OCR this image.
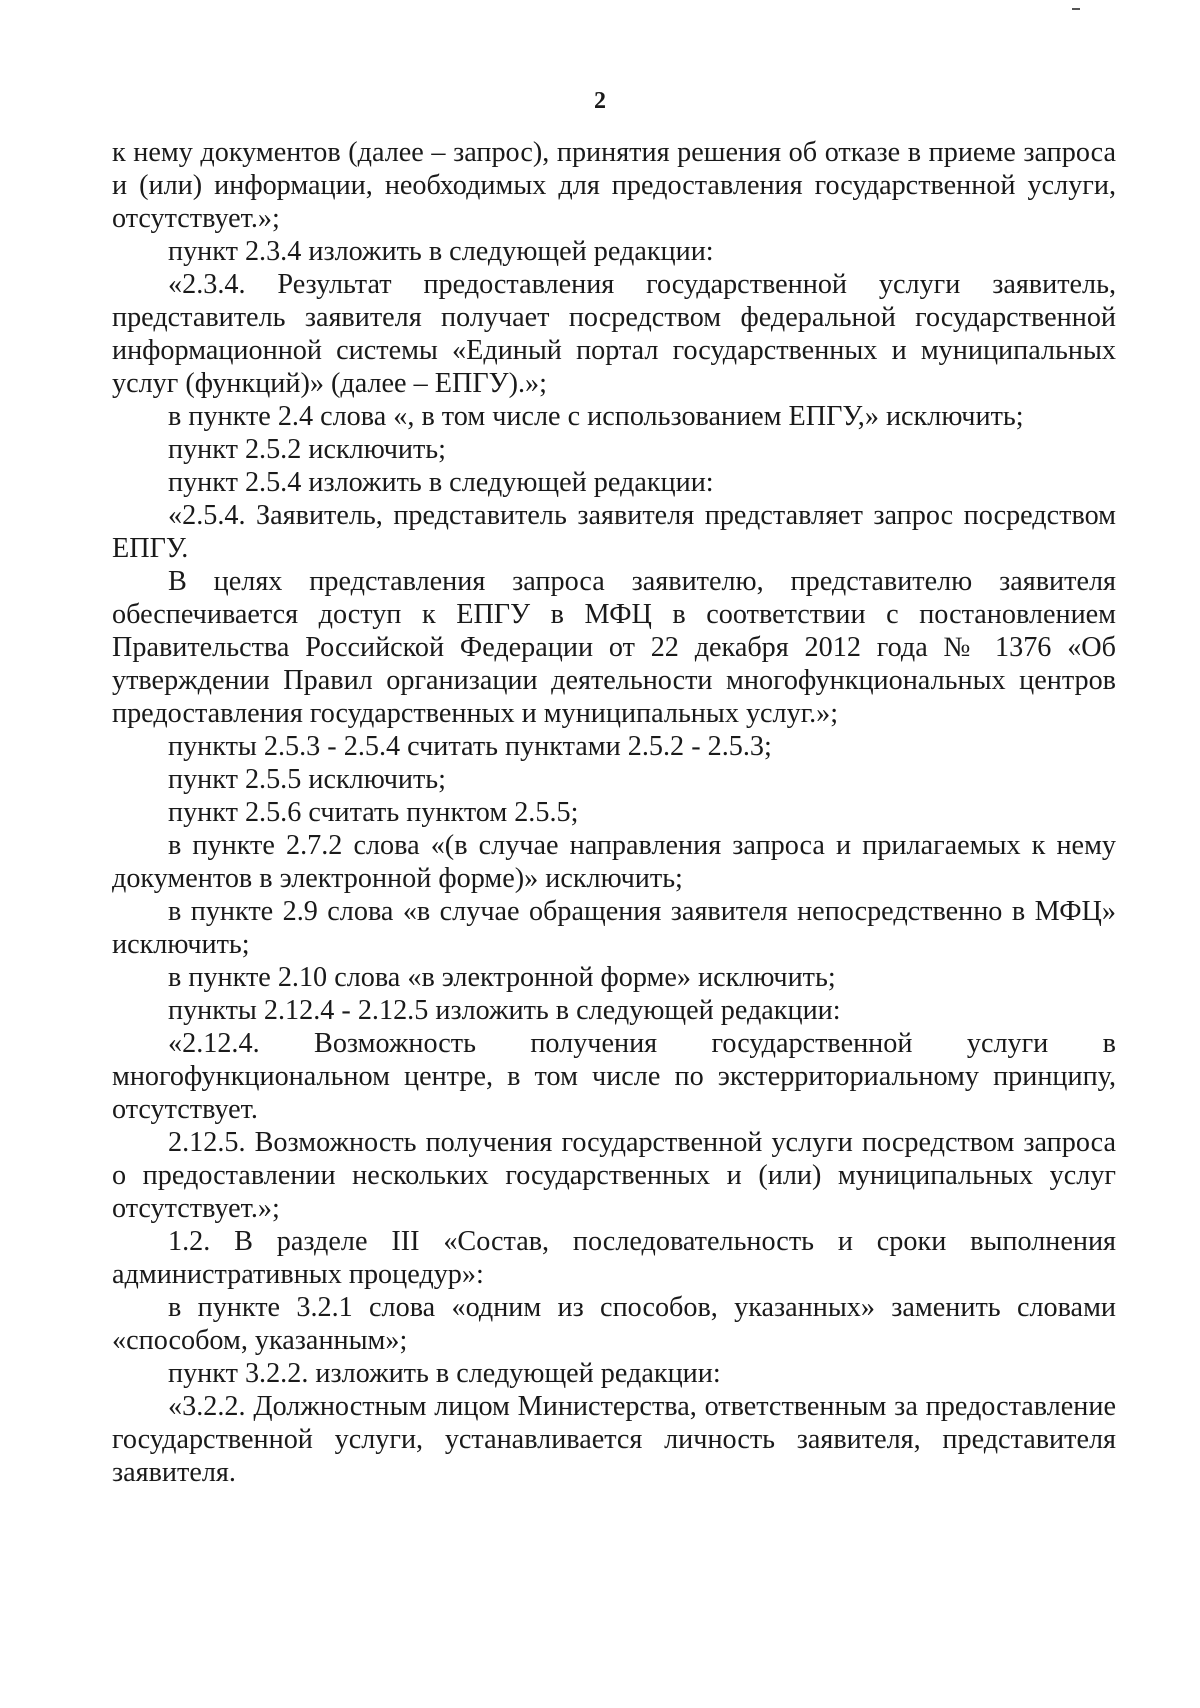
2

к нему документов (далее – запрос), принятия решения об отказе в приеме запроса и (или) информации, необходимых для предоставления государственной услуги, отсутствует.»;

пункт 2.3.4 изложить в следующей редакции:

«2.3.4. Результат предоставления государственной услуги заявитель, представитель заявителя получает посредством федеральной государственной информационной системы «Единый портал государственных и муниципальных услуг (функций)» (далее – ЕПГУ).»;

в пункте 2.4 слова «, в том числе с использованием ЕПГУ,» исключить;

пункт 2.5.2 исключить;

пункт 2.5.4 изложить в следующей редакции:

«2.5.4. Заявитель, представитель заявителя представляет запрос посредством ЕПГУ.

В целях представления запроса заявителю, представителю заявителя обеспечивается доступ к ЕПГУ в МФЦ в соответствии с постановлением Правительства Российской Федерации от 22 декабря 2012 года № 1376 «Об утверждении Правил организации деятельности многофункциональных центров предоставления государственных и муниципальных услуг.»;

пункты 2.5.3 - 2.5.4 считать пунктами 2.5.2 - 2.5.3;

пункт 2.5.5 исключить;

пункт 2.5.6 считать пунктом 2.5.5;

в пункте 2.7.2 слова «(в случае направления запроса и прилагаемых к нему документов в электронной форме)» исключить;

в пункте 2.9 слова «в случае обращения заявителя непосредственно в МФЦ» исключить;

в пункте 2.10 слова «в электронной форме» исключить;

пункты 2.12.4 - 2.12.5 изложить в следующей редакции:

«2.12.4. Возможность получения государственной услуги в многофункциональном центре, в том числе по экстерриториальному принципу, отсутствует.

2.12.5. Возможность получения государственной услуги посредством запроса о предоставлении нескольких государственных и (или) муниципальных услуг отсутствует.»;

1.2. В разделе III «Состав, последовательность и сроки выполнения административных процедур»:

в пункте 3.2.1 слова «одним из способов, указанных» заменить словами «способом, указанным»;

пункт 3.2.2. изложить в следующей редакции:

«3.2.2. Должностным лицом Министерства, ответственным за предоставление государственной услуги, устанавливается личность заявителя, представителя заявителя.
